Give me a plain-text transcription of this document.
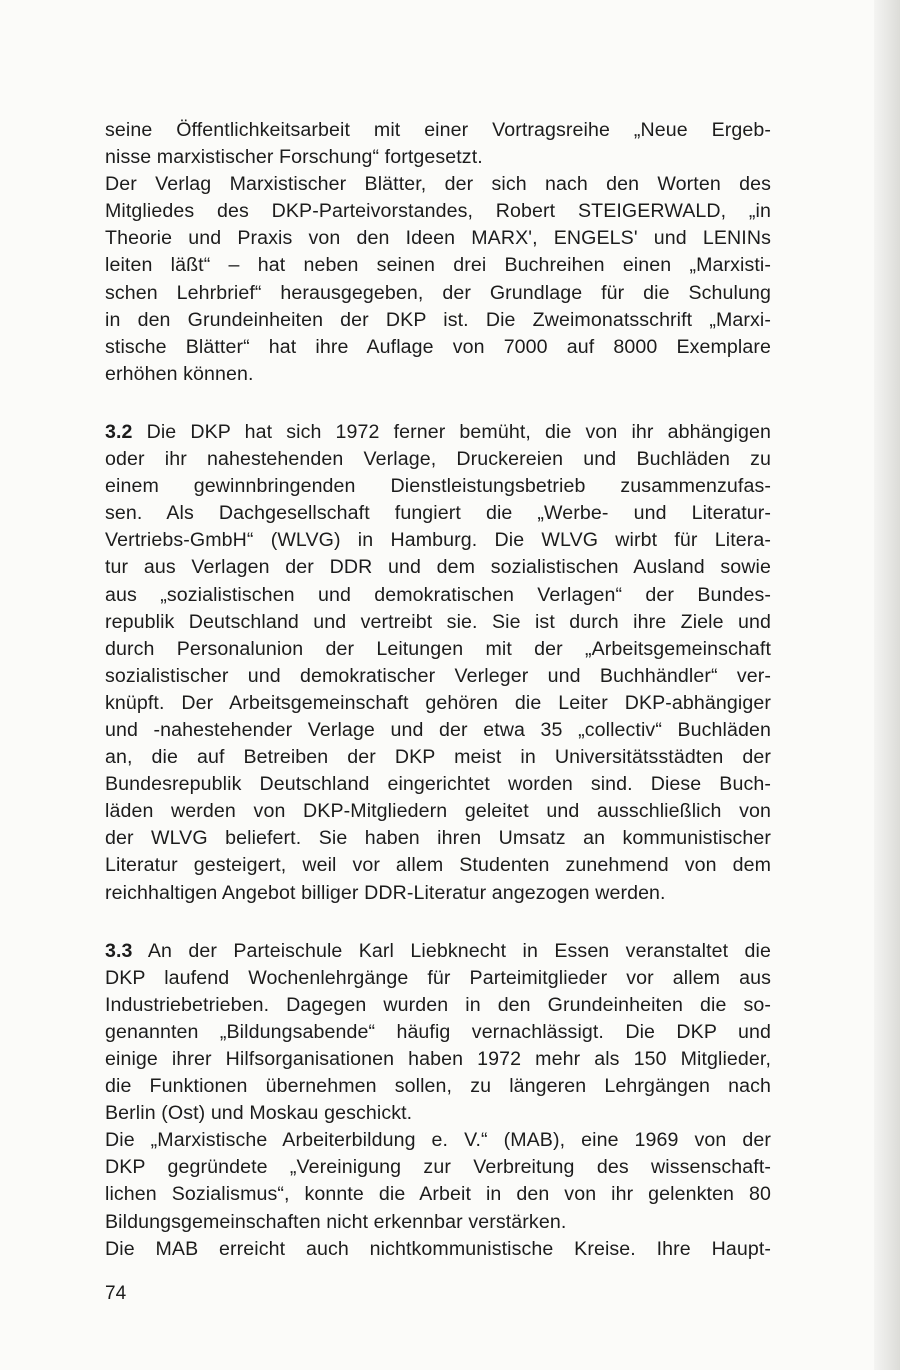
seine Öffentlichkeitsarbeit mit einer Vortragsreihe „Neue Ergeb-
nisse marxistischer Forschung“ fortgesetzt.
Der Verlag Marxistischer Blätter, der sich nach den Worten des
Mitgliedes des DKP-Parteivorstandes, Robert STEIGERWALD, „in
Theorie und Praxis von den Ideen MARX', ENGELS' und LENINs
leiten läßt“ – hat neben seinen drei Buchreihen einen „Marxisti-
schen Lehrbrief“ herausgegeben, der Grundlage für die Schulung
in den Grundeinheiten der DKP ist. Die Zweimonatsschrift „Marxi-
stische Blätter“ hat ihre Auflage von 7000 auf 8000 Exemplare
erhöhen können.
3.2 Die DKP hat sich 1972 ferner bemüht, die von ihr abhängigen
oder ihr nahestehenden Verlage, Druckereien und Buchläden zu
einem gewinnbringenden Dienstleistungsbetrieb zusammenzufas-
sen. Als Dachgesellschaft fungiert die „Werbe- und Literatur-
Vertriebs-GmbH“ (WLVG) in Hamburg. Die WLVG wirbt für Litera-
tur aus Verlagen der DDR und dem sozialistischen Ausland sowie
aus „sozialistischen und demokratischen Verlagen“ der Bundes-
republik Deutschland und vertreibt sie. Sie ist durch ihre Ziele und
durch Personalunion der Leitungen mit der „Arbeitsgemeinschaft
sozialistischer und demokratischer Verleger und Buchhändler“ ver-
knüpft. Der Arbeitsgemeinschaft gehören die Leiter DKP-abhängiger
und -nahestehender Verlage und der etwa 35 „collectiv“ Buchläden
an, die auf Betreiben der DKP meist in Universitätsstädten der
Bundesrepublik Deutschland eingerichtet worden sind. Diese Buch-
läden werden von DKP-Mitgliedern geleitet und ausschließlich von
der WLVG beliefert. Sie haben ihren Umsatz an kommunistischer
Literatur gesteigert, weil vor allem Studenten zunehmend von dem
reichhaltigen Angebot billiger DDR-Literatur angezogen werden.
3.3 An der Parteischule Karl Liebknecht in Essen veranstaltet die
DKP laufend Wochenlehrgänge für Parteimitglieder vor allem aus
Industriebetrieben. Dagegen wurden in den Grundeinheiten die so-
genannten „Bildungsabende“ häufig vernachlässigt. Die DKP und
einige ihrer Hilfsorganisationen haben 1972 mehr als 150 Mitglieder,
die Funktionen übernehmen sollen, zu längeren Lehrgängen nach
Berlin (Ost) und Moskau geschickt.
Die „Marxistische Arbeiterbildung e. V.“ (MAB), eine 1969 von der
DKP gegründete „Vereinigung zur Verbreitung des wissenschaft-
lichen Sozialismus“, konnte die Arbeit in den von ihr gelenkten 80
Bildungsgemeinschaften nicht erkennbar verstärken.
Die MAB erreicht auch nichtkommunistische Kreise. Ihre Haupt-
74
